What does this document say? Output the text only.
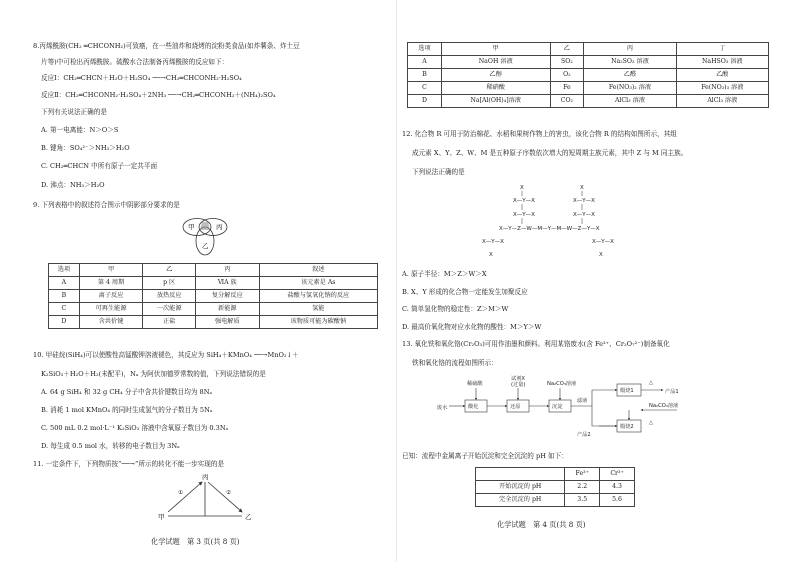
8.丙烯酰胺(CH₂ ═CHCONH₂)可致癌，在一些油炸和烧烤的淀粉类食品(如炸薯条、炸土豆
片等)中可检出丙烯酰胺。硫酸水合法制备丙烯酰胺的反应如下：
反应Ⅰ：CH₂═CHCN＋H₂O＋H₂SO₄ ──→CH₂═CHCONH₂·H₂SO₄
反应Ⅱ：CH₂═CHCONH₂·H₂SO₄＋2NH₃ ──→CH₂═CHCONH₂＋(NH₄)₂SO₄
下列有关说法正确的是
A. 第一电离能：N＞O＞S
B. 键角：SO₄²⁻＞NH₃＞H₂O
C. CH₂═CHCN 中所有原子一定共平面
D. 沸点：NH₃＞H₂O
9. 下列表格中的叙述符合图示中阴影部分要求的是
甲	丙
乙
选项	甲	乙	丙	叙述
A	第 4 周期	p 区	ⅥA 族	该元素是 As
B	离子反应	放热反应	复分解反应	盐酸与氢氧化钠的反应
C	可再生能源	一次能源	新能源	氢能
D	含共价键	正盐	强电解质	该物质可能为碳酸钠
10. 甲硅烷(SiH₄)可以使酸性高锰酸钾溶液褪色，其反应为 SiH₄＋KMnO₄ ──→MnO₂↓＋
K₂SiO₃＋H₂O＋H₂(未配平)，Nₐ 为阿伏加德罗常数的值，下列说法错误的是
A. 64 g SiH₄ 和 32 g CH₄ 分子中含共价键数目均为 8Nₐ
B. 消耗 1 mol KMnO₄ 的同时生成氢气的分子数目为 5Nₐ
C. 500 mL 0.2 mol·L⁻¹ K₂SiO₃ 溶液中含氧原子数目为 0.3Nₐ
D. 每生成 0.5 mol 水，转移的电子数目为 3Nₐ
11. 一定条件下，下列物质按“──→”所示的转化不能一步实现的是
丙
甲	乙
①	②
化学试题　第 3 页(共 8 页)
选项	甲	乙	丙	丁
A	NaOH 溶液	SO₂	Na₂SO₃ 溶液	NaHSO₃ 溶液
B	乙醇	O₂	乙醛	乙酸
C	稀硝酸	Fe	Fe(NO₃)₂ 溶液	Fe(NO₃)₃ 溶液
D	Na[Al(OH)₄]溶液	CO₂	AlCl₃ 溶液	AlCl₃ 溶液
12. 化合物 R 可用于防治棉花、水稻和果树作物上的害虫，该化合物 R 的结构如图所示，其组
成元素 X、Y、Z、W、M 是五种原子序数依次增大的短周期主族元素，其中 Z 与 M 同主族。
下列说法正确的是
X	X
X—Y—X	X—Y—X
X—Y—X	X—Y—X
X—Y—Z—W—M—Y—M—W—Z—Y—X
X—Y—X	X—Y—X
X	X
A. 原子半径：M＞Z＞W＞X
B. X、Y 形成的化合物一定能发生加聚反应
C. 简单氢化物的稳定性：Z＞M＞W
D. 最高价氧化物对应水化物的酸性：M＞Y＞W
13. 氧化铁和氧化铬(Cr₂O₃)可用作油墨和颜料。利用某铬废水(含 Fe³⁺、Cr₂O₇²⁻)制备氧化
铁和氧化铬的流程如图所示：
废水	酸化	还原	沉淀
煅烧1
煅烧2
稀硫酸
试剂X
(过量)	Na₂CO₃溶液
滤液
产品1
Na₂CO₃溶液
产品2
△
△
已知：流程中金属离子开始沉淀和完全沉淀的 pH 如下：
	Fe³⁺	Cr³⁺
开始沉淀的 pH	2.2	4.3
完全沉淀的 pH	3.5	5.6
化学试题　第 4 页(共 8 页)
